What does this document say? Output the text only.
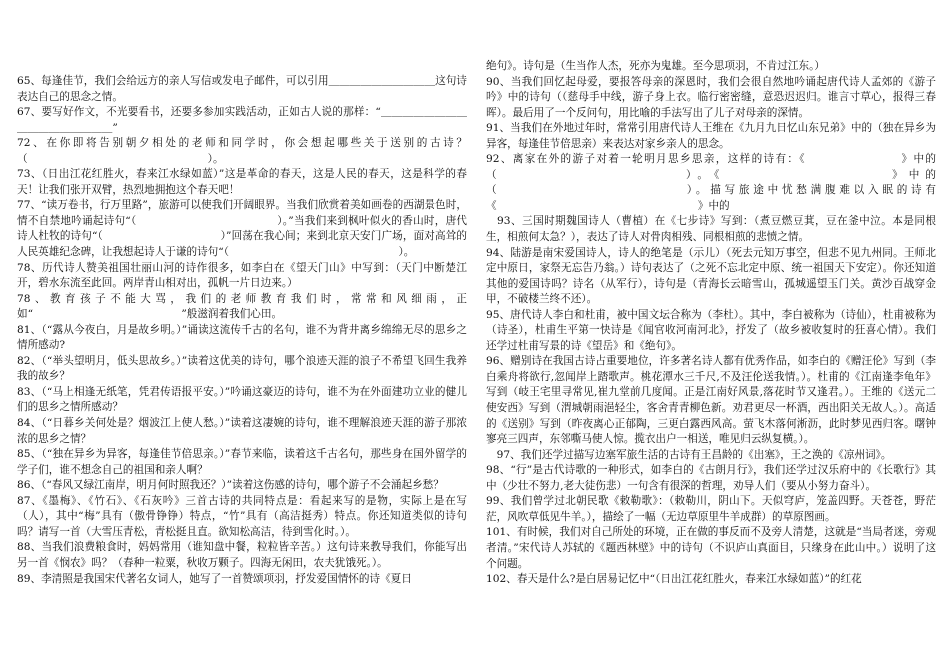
65、每逢佳节，我们会给远方的亲人写信或发电子邮件，可以引用＿＿＿＿＿＿＿＿＿＿这句诗表达自己的思念之情。

67、要写好作文，不光要看书，还要多参加实践活动，正如古人说的那样：“＿＿＿＿＿＿＿＿＿＿＿＿＿＿＿＿＿”

72、在你即将告别朝夕相处的老师和同学时，你会想起哪些关于送别的古诗？（　　　　　　　　　　　　　　　　　）。

73、（日出江花红胜火，春来江水绿如蓝）”这是革命的春天，这是人民的春天，这是科学的春天！让我们张开双臂，热烈地拥抱这个春天吧！

77、“读万卷书，行万里路”，旅游可以使我们开阔眼界。当我们欣赏着美如画卷的西湖景色时，情不自禁地吟诵起诗句“（　　　　　　　　　　　　　）。”当我们来到枫叶似火的香山时，唐代诗人杜牧的诗句“（　　　　　　　　　　　）”回荡在我心间；来到北京天安门广场，面对高耸的人民英雄纪念碑，让我想起诗人于谦的诗句“（　　　　　　　　　　　　　　　　）。

78、历代诗人赞美祖国壮丽山河的诗作很多，如李白在《望天门山》中写到：（天门中断楚江开，碧水东流至此回。两岸青山相对出，孤帆一片日边来。）

78、教育孩子不能大骂，我们的老师教育我们时，常常和风细雨，正如“　　　　　　　　　　　　　　”般滋润着我们心田。

81、（“露从今夜白，月是故乡明。）”诵读这流传千古的名句，谁不为背井离乡绵绵无尽的思乡之情所感动?

82、（“举头望明月，低头思故乡。）”读着这优美的诗句，哪个浪迹天涯的浪子不希望飞回生我养我的故乡？

83、（“马上相逢无纸笔，凭君传语报平安。）”吟诵这豪迈的诗句，谁不为在外面建功立业的健儿们的思乡之情所感动？

84、（“日暮乡关何处是？烟波江上使人愁。）”读着这凄婉的诗句，谁不理解浪迹天涯的游子那浓浓的思乡之情？

85、（“独在异乡为异客，每逢佳节倍思亲。）”春节来临，读着这千古名句，那些身在国外留学的学子们，谁不想念自己的祖国和亲人啊？

86、（“春风又绿江南岸，明月何时照我还？）”读着这伤感的诗句，哪个游子不会涌起乡愁？

87、《墨梅》、《竹石》、《石灰吟》三首古诗的共同特点是：看起来写的是物，实际上是在写（人），其中“梅”具有（傲骨铮铮）特点，“竹”具有（高洁挺秀）特点。你还知道类似的诗句吗？请写一首（大雪压青松，青松挺且直。欲知松高洁，待到雪化时。）。

88、当我们浪费粮食时，妈妈常用（谁知盘中餐，粒粒皆辛苦。）这句诗来教导我们，你能写出另一首《悯农》吗？（春种一粒粟，秋收万颗子。四海无闲田，农夫犹饿死。）。

89、李清照是我国宋代著名女词人，她写了一首赞颂项羽，抒发爱国情怀的诗《夏日

绝句》。诗句是（生当作人杰，死亦为鬼雄。至今思项羽，不肯过江东。）

90、当我们回忆起母爱，要报答母亲的深恩时，我们会很自然地吟诵起唐代诗人孟郊的《游子吟》中的诗句（（慈母手中线，游子身上衣。临行密密缝，意恐迟迟归。谁言寸草心，报得三春晖）。最后用了一个反问句，用比喻的手法写出了儿子对母亲的深情。

91、当我们在外地过年时，常常引用唐代诗人王维在《九月九日忆山东兄弟》中的（独在异乡为异客，每逢佳节倍思亲）来表达对家乡亲人的思念。

92、离家在外的游子对着一轮明月思乡思亲，这样的诗有：《　　　　　　　　》中的（　　　　　　　　　　　）。《　　　　　　　　　　》中的（　　　　　　　　　　　　　）。描写旅途中忧愁满腹难以入眠的诗有《　　　　　　　　　　　　　　　　　　　》中的

　93、三国时期魏国诗人（曹植）在《七步诗》写到：（煮豆燃豆萁，豆在釜中泣。本是同根生，相煎何太急？），表达了诗人对骨肉相残、同根相煎的悲愤之情。

94、陆游是南宋爱国诗人，诗人的绝笔是（示儿）（死去元知万事空，但悲不见九州同。王师北定中原日，家祭无忘告乃翁。）诗句表达了（之死不忘北定中原、统一祖国天下安定）。你还知道其他的爱国诗吗？诗名（从军行），诗句是（青海长云暗雪山，孤城遥望玉门关。黄沙百战穿金甲，不破楼兰终不还）。

95、唐代诗人李白和杜甫，被中国文坛合称为（李杜）。其中，李白被称为（诗仙），杜甫被称为（诗圣），杜甫生平第一快诗是《闻官收河南河北》，抒发了（故乡被收复时的狂喜心情）。我们还学过杜甫写景的诗《望岳》和《绝句》。

96、赠别诗在我国古诗占重要地位，许多著名诗人都有优秀作品，如李白的《赠汪伦》写到（李白乘舟将欲行,忽闻岸上踏歌声。桃花潭水三千尺,不及汪伦送我情。）。杜甫的《江南逢李龟年》写到（岐王宅里寻常见,崔九堂前几度闻。正是江南好风景,落花时节又逢君。）。王维的《送元二使安西》写到（渭城朝雨浥轻尘，客舍青青柳色新。劝君更尽一杯酒，西出阳关无故人。）。高适的《送别》写到（昨夜离心正郁陶，三更白露西风高。萤飞木落何淅沥，此时梦见西归客。曙钟寥亮三四声，东邻嘶马使人惊。揽衣出户一相送，唯见归云纵复横。）。

　97、我们还学过描写边塞军旅生活的古诗有王昌龄的《出塞》，王之涣的《凉州词》。

98、“行”是古代诗歌的一种形式，如李白的《古朗月行》，我们还学过汉乐府中的《长歌行》其中（少壮不努力,老大徒伤悲）一句含有很深的哲理，劝导人们（要从小努力奋斗）。

99、我们曾学过北朝民歌《敕勒歌》：（敕勒川，阴山下。天似穹庐，笼盖四野。天苍苍，野茫茫，风吹草低见牛羊。），描绘了一幅（无边草原里牛羊成群）的草原图画。

101、有时候，我们对自己所处的环境，正在做的事反而不及旁人清楚，这就是“当局者迷，旁观者清。”宋代诗人苏轼的《题西林壁》中的诗句（不识庐山真面目，只缘身在此山中。）说明了这个问题。

102、春天是什么?是白居易记忆中“（日出江花红胜火，春来江水绿如蓝）”的红花
